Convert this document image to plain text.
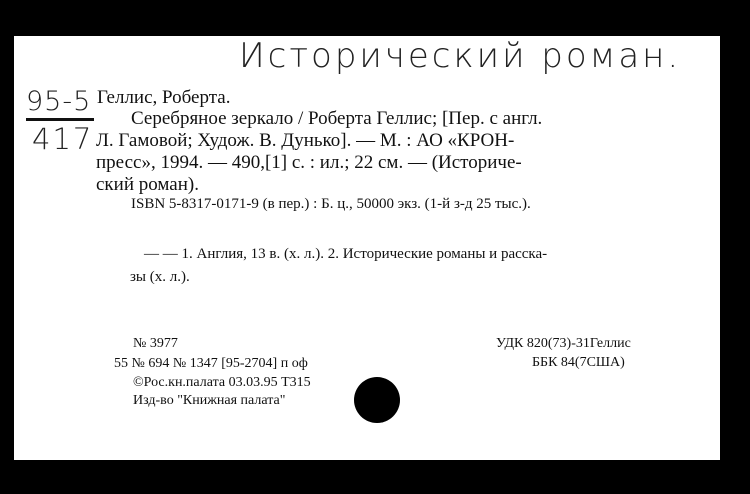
Исторический роман.
95-5
417
Геллис, Роберта.
Серебряное зеркало / Роберта Геллис; [Пер. с англ.
Л. Гамовой; Худож. В. Дунько]. — М. : АО «КРОН-
пресс», 1994. — 490,[1] с. : ил.; 22 см. — (Историче-
ский роман).
ISBN 5-8317-0171-9 (в пер.) : Б. ц., 50000 экз. (1-й з-д 25 тыс.).
— — 1. Англия, 13 в. (х. л.). 2. Исторические романы и расска-
зы (х. л.).
№ 3977
55 № 694 № 1347 [95-2704] п оф
©Рос.кн.палата 03.03.95 Т315
Изд-во "Книжная палата"
УДК 820(73)-31Геллис
ББК 84(7США)
